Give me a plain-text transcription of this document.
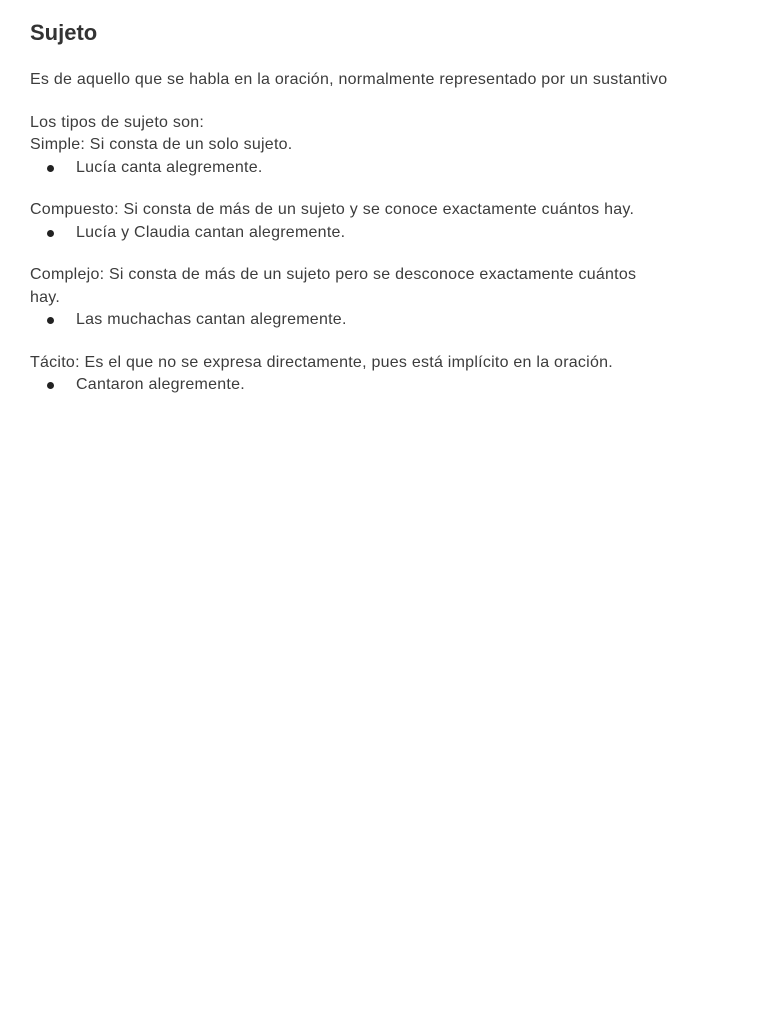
Sujeto

Es de aquello que se habla en la oración, normalmente representado por un sustantivo

Los tipos de sujeto son:

Simple: Si consta de un solo sujeto.

Lucía canta alegremente.

Compuesto: Si consta de más de un sujeto y se conoce exactamente cuántos hay.

Lucía y Claudia cantan alegremente.

Complejo: Si consta de más de un sujeto pero se desconoce exactamente cuántos hay.

Las muchachas cantan alegremente.

Tácito: Es el que no se expresa directamente, pues está implícito en la oración.

Cantaron alegremente.
